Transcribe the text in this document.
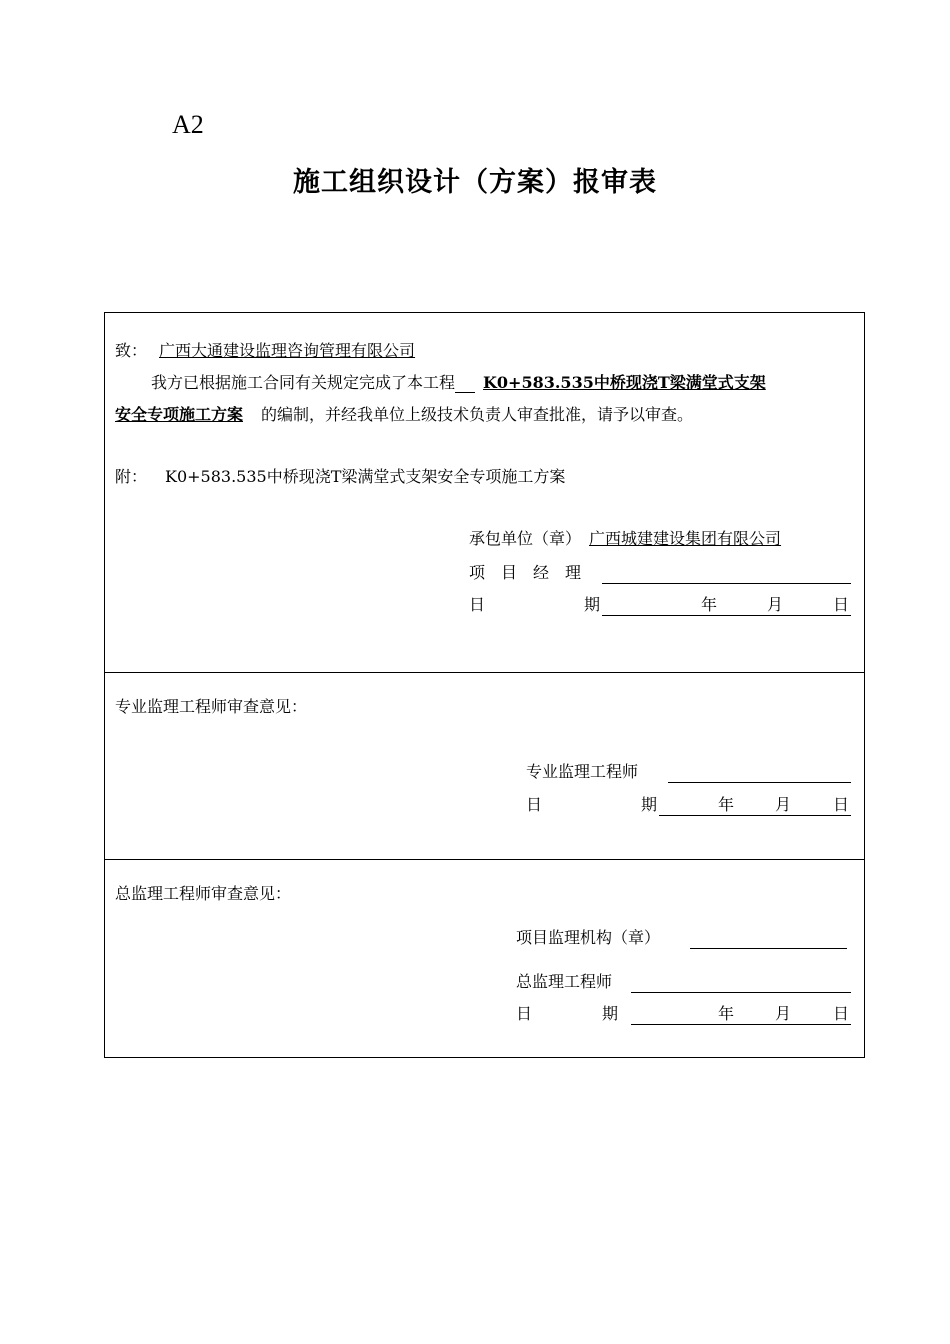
A2
施工组织设计（方案）报审表
致： 广西大通建设监理咨询管理有限公司
我方已根据施工合同有关规定完成了本工程 K0+583.535中桥现浇T梁满堂式支架
安全专项施工方案 的编制，并经我单位上级技术负责人审查批准，请予以审查。
附： K0+583.535中桥现浇T梁满堂式支架安全专项施工方案
承包单位（章） 广西城建建设集团有限公司
项　目　经　理
日	期	年	月	日
专业监理工程师审查意见：
专业监理工程师
日	期	年	月	日
总监理工程师审查意见：
项目监理机构（章）
总监理工程师
日	期	年	月	日
